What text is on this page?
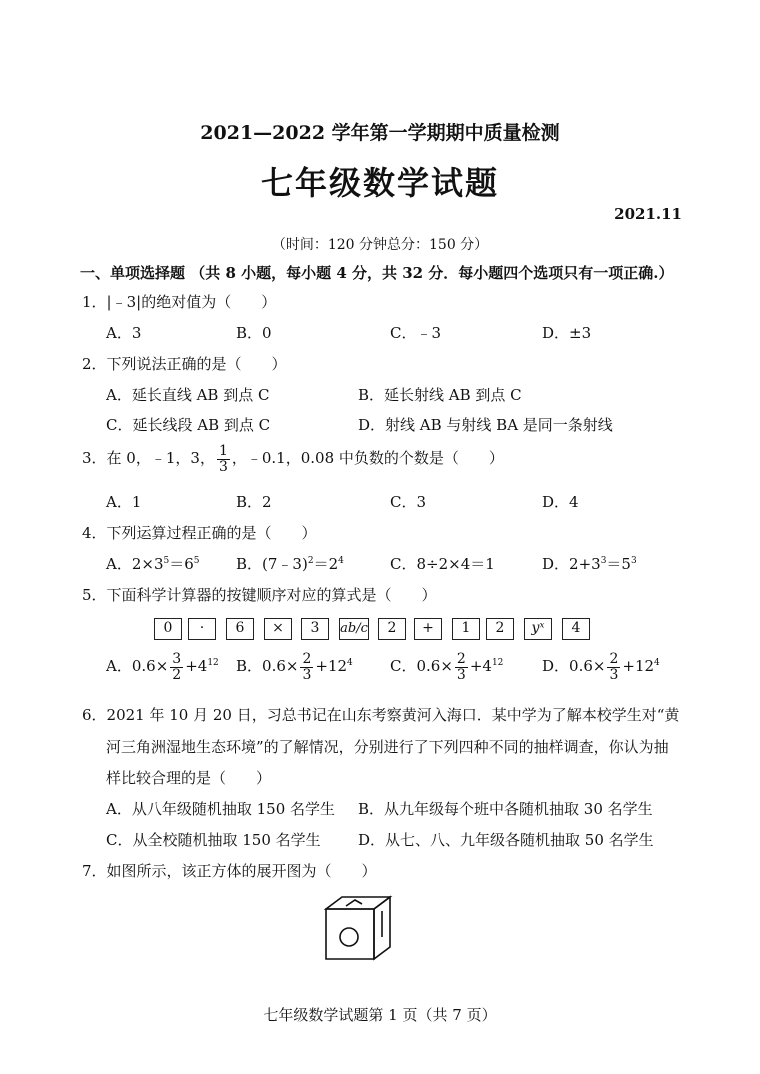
2021—2022 学年第一学期期中质量检测
七年级数学试题
2021.11
（时间：120 分钟总分：150 分）
一、单项选择题 （共 8 小题，每小题 4 分，共 32 分．每小题四个选项只有一项正确.）
1．|﹣3|的绝对值为（　　）
A．3	B．0	C．﹣3	D．±3
2．下列说法正确的是（　　）
A．延长直线 AB 到点 C	B．延长射线 AB 到点 C
C．延长线段 AB 到点 C	D．射线 AB 与射线 BA 是同一条射线
3．在 0，﹣1，3， $\frac{1}{3}$ ，﹣0.1，0.08 中负数的个数是（　　）
A．1	B．2	C．3	D．4
4．下列运算过程正确的是（　　）
A．$2\times 3^5=6^5$ B．$(7﹣3)^2=2^4$	C．8÷2×4＝1	D．$2+3^3=5^3$
5．下面科学计算器的按键顺序对应的算式是（　　）
0	·	6	×	3	ab/c	2	+	1	2	yˣ	4
A．$0.6\times \frac{3}{2} +4^{12}$ B．$0.6\times \frac{2}{3} +12^4$ C．$0.6\times \frac{2}{3} +4^{12}$	D．$0.6\times \frac{2}{3} +12^4$
6．2021 年 10 月 20 日，习总书记在山东考察黄河入海口．某中学为了解本校学生对“黄
河三角洲湿地生态环境”的了解情况，分别进行了下列四种不同的抽样调查，你认为抽
样比较合理的是（　　）
A．从八年级随机抽取 150 名学生 B．从九年级每个班中各随机抽取 30 名学生
C．从全校随机抽取 150 名学生 D．从七、八、九年级各随机抽取 50 名学生
7．如图所示，该正方体的展开图为（　　）
七年级数学试题第 1 页（共 7 页）
